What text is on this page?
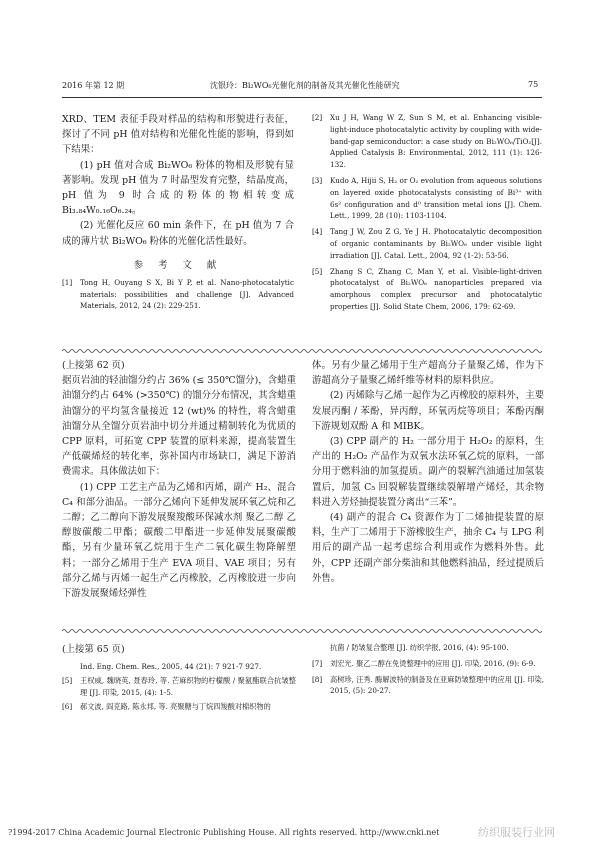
2016 年第 12 期	沈银玲：Bi₂WO₆光催化剂的制备及其光催化性能研究	75

XRD、TEM 表征手段对样品的结构和形貌进行表征，探讨了不同 pH 值对结构和光催化性能的影响，得到如下结果：

(1) pH 值对合成 Bi₂WO₆ 粉体的物相及形貌有显著影响。发现 pH 值为 7 时晶型发育完整，结晶度高，pH 值为 9 时合成的粉体的物相转变成 Bi₃.₈₄W₀.₁₆O₆.₂₄。

(2) 光催化反应 60 min 条件下，在 pH 值为 7 合成的薄片状 Bi₂WO₆ 粉体的光催化活性最好。

参 考 文 献
[1]	Tong H, Ouyang S X, Bi Y P, et al. Nano-photocatalytic materials: possibilities and challenge [J]. Advanced Materials, 2012, 24 (2): 229-251.
[2]	Xu J H, Wang W Z, Sun S M, et al. Enhancing visible-light-induce photocatalytic activity by coupling with wide-band-gap semiconductor: a case study on Bi₂WO₆/TiO₂[J]. Applied Catalysis B: Environmental, 2012, 111 (1): 126-132.
[3]	Kudo A, Hijii S, H₂ or O₂ evolution from aqueous solutions on layered oxide photocatalysts consisting of Bi³⁺ with 6s² configuration and d⁰ transition metal ions [J]. Chem. Lett., 1999, 28 (10): 1103-1104.
[4]	Tang J W, Zou Z G, Ye J H. Photocatalytic decomposition of organic contaminants by Bi₂WO₆ under visible light irradiation [J]. Catal. Lett., 2004, 92 (1-2): 53-56.
[5]	Zhang S C, Zhang C, Man Y, et al. Visible-light-driven photocatalyst of Bi₂WO₆ nanoparticles prepared via amorphous complex precursor and photocatalytic properties [J]. Solid State Chem, 2006, 179: 62-69.
(上接第 62 页)

据页岩油的轻油馏分约占 36% (≤ 350℃馏分)，含蜡重油馏分约占 64% (>350℃) 的馏分分布情况，其含蜡重油馏分的平均氢含量接近 12 (wt)% 的特性，将含蜡重油馏分从全馏分页岩油中切分并通过精制转化为优质的 CPP 原料，可拓宽 CPP 装置的原料来源，提高装置生产低碳烯烃的转化率，弥补国内市场缺口，满足下游消费需求。具体做法如下：

(1) CPP 工艺主产品为乙烯和丙烯，副产 H₂、混合 C₄ 和部分油品。一部分乙烯向下延伸发展环氧乙烷和乙二醇；乙二醇向下游发展聚羧酸环保减水剂 聚乙二醇 乙醇胺碳酸二甲酯；碳酸二甲酯进一步延伸发展聚碳酸酯，另有少量环氧乙烷用于生产二氧化碳生物降解塑料；一部分乙烯用于生产 EVA 项目、VAE 项目；另有部分乙烯与丙烯一起生产乙丙橡胶，乙丙橡胶进一步向下游发展聚烯烃弹性

体。另有少量乙烯用于生产超高分子量聚乙烯，作为下游超高分子量聚乙烯纤维等材料的原料供应。

(2) 丙烯除与乙烯一起作为乙丙橡胶的原料外，主要发展丙酮 / 苯酚，异丙醇，环氧丙烷等项目；苯酚丙酮下游规划双酚 A 和 MIBK。

(3) CPP 副产的 H₂ 一部分用于 H₂O₂ 的原料，生产出的 H₂O₂ 产品作为双氧水法环氧乙烷的原料，一部分用于燃料油的加氢提质。副产的裂解汽油通过加氢装置后，加氢 C₅ 回裂解装置继续裂解增产烯烃，其余物料进入芳烃抽提装置分离出“三苯”。

(4) 副产的混合 C₄ 资源作为丁二烯抽提装置的原料，生产丁二烯用于下游橡胶生产，抽余 C₄ 与 LPG 利用后的副产品一起考虑综合利用或作为燃料外售。此外，CPP 还副产部分柴油和其他燃料油品，经过提质后外售。

(上接第 65 页)
Ind. Eng. Chem. Res., 2005, 44 (21): 7 921-7 927.
[5]	王权威, 魏晓英, 聂春玲, 等. 芒麻织物的柠檬酸 / 聚氨酯联合抗皱整理 [J]. 印染, 2015, (4): 1-5.
[6]	郝文波, 阎克路, 陈永邦, 等. 亮聚糖与丁烷四羧酸对棉织物的
抗菌 / 防皱复合整理 [J]. 纺织学报, 2016, (4): 95-100.
[7]	刘宏光. 聚乙二醇在免烫整理中的应用 [J]. 印染, 2016, (9): 6-9.
[8]	高树珍, 汪秀. 酶解波特的制备及在亚麻防皱整理中的应用 [J]. 印染, 2015, (5): 20-27.
?1994-2017 China Academic Journal Electronic Publishing House. All rights reserved. http://www.cnki.net	纺织服装行业网
